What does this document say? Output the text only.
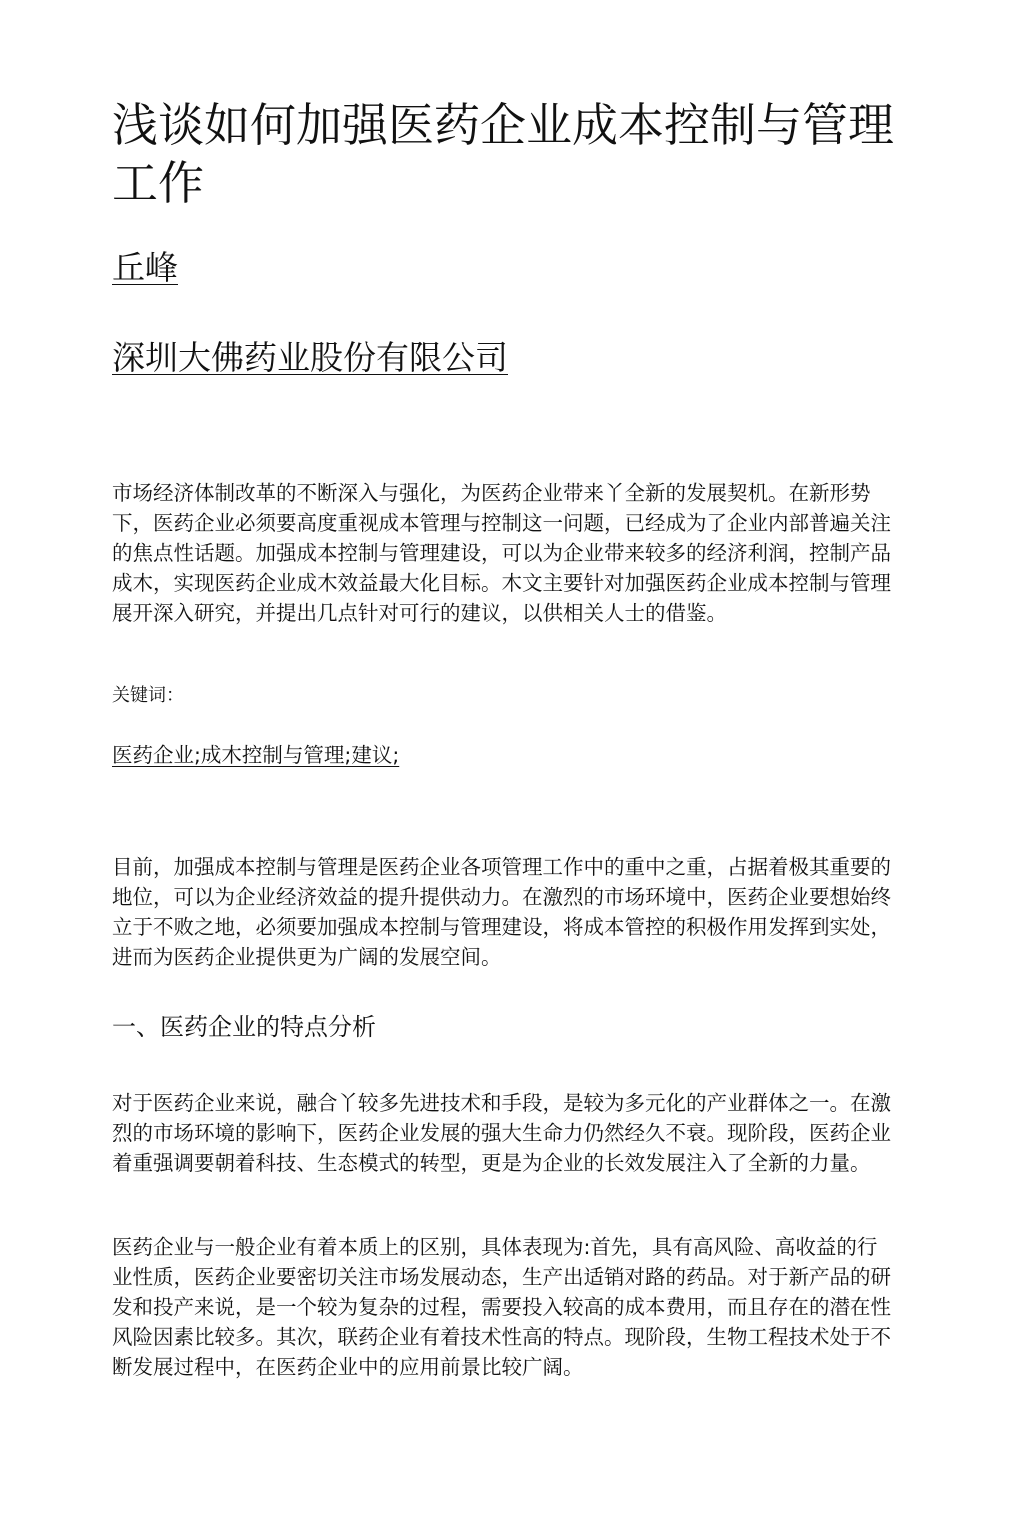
浅谈如何加强医药企业成本控制与管理工作

丘峰

深圳大佛药业股份有限公司

市场经济体制改革的不断深入与强化，为医药企业带来丫全新的发展契机。在新形势下，医药企业必须要高度重视成本管理与控制这一问题，已经成为了企业内部普遍关注的焦点性话题。加强成本控制与管理建设，可以为企业带来较多的经济利润，控制产品成木，实现医药企业成木效益最大化目标。木文主要针对加强医药企业成本控制与管理展开深入研究，并提出几点针对可行的建议，以供相关人士的借鉴。

关键词：

医药企业;成木控制与管理;建议;

目前，加强成本控制与管理是医药企业各项管理工作中的重中之重，占据着极其重要的地位，可以为企业经济效益的提升提供动力。在激烈的市场环境中，医药企业要想始终立于不败之地，必须要加强成本控制与管理建设，将成本管控的积极作用发挥到实处，进而为医药企业提供更为广阔的发展空间。

一、医药企业的特点分析

对于医药企业来说，融合丫较多先进技术和手段，是较为多元化的产业群体之一。在激烈的市场环境的影响下，医药企业发展的强大生命力仍然经久不衰。现阶段，医药企业着重强调要朝着科技、生态模式的转型，更是为企业的长效发展注入了全新的力量。

医药企业与一般企业有着本质上的区别，具体表现为:首先，具有高风险、高收益的行业性质，医药企业要密切关注市场发展动态，生产出适销对路的药品。对于新产品的研发和投产来说，是一个较为复杂的过程，需要投入较高的成本费用，而且存在的潜在性风险因素比较多。其次，联药企业有着技术性高的特点。现阶段，生物工程技术处于不断发展过程中，在医药企业中的应用前景比较广阔。
